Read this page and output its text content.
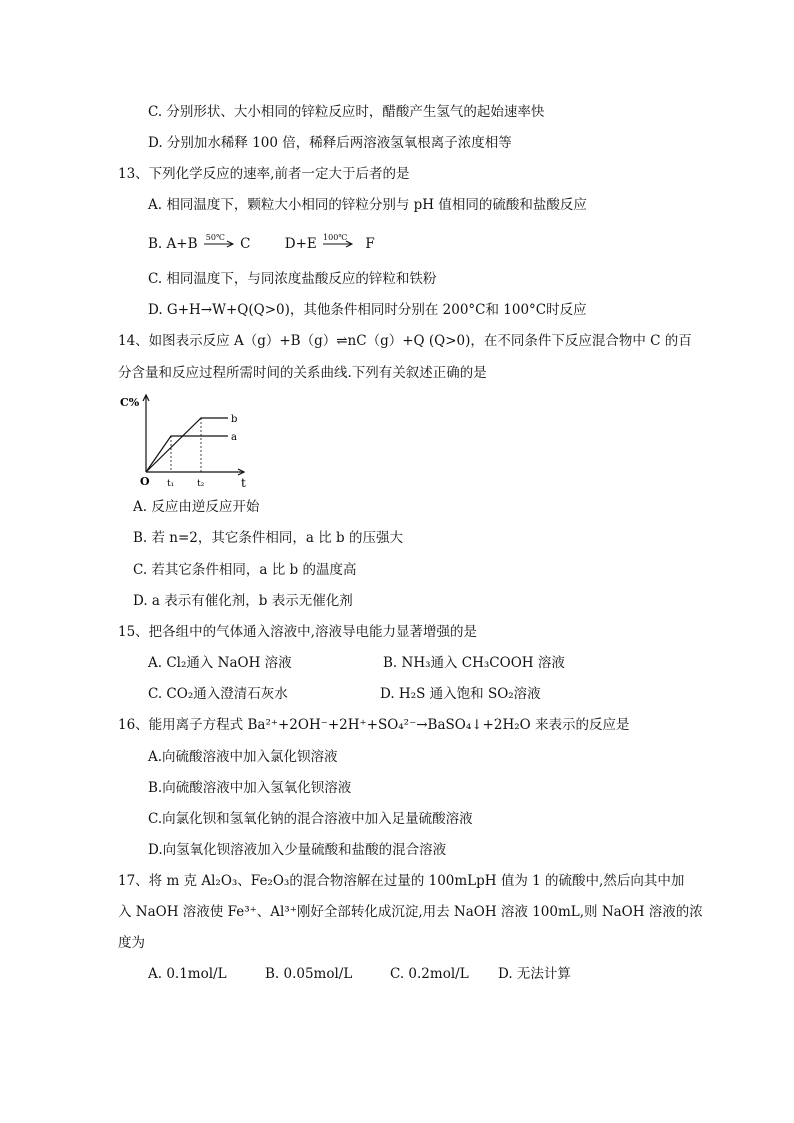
C. 分别形状、大小相同的锌粒反应时，醋酸产生氢气的起始速率快
D. 分别加水稀释 100 倍，稀释后两溶液氢氧根离子浓度相等
13、下列化学反应的速率,前者一定大于后者的是
A. 相同温度下，颗粒大小相同的锌粒分别与 pH 值相同的硫酸和盐酸反应
B. A+B 50℃ C        D+E 100℃ F
C. 相同温度下，与同浓度盐酸反应的锌粒和铁粉
D. G+H→W+Q(Q>0)，其他条件相同时分别在 200°C和 100°C时反应
14、如图表示反应 A（g）+B（g）⇌nC（g）+Q (Q>0)，在不同条件下反应混合物中 C 的百
分含量和反应过程所需时间的关系曲线.下列有关叙述正确的是
C%
O t₁	t₂	t
a
b
A. 反应由逆反应开始
B. 若 n=2，其它条件相同，a 比 b 的压强大
C. 若其它条件相同，a 比 b 的温度高
D. a 表示有催化剂，b 表示无催化剂
15、把各组中的气体通入溶液中,溶液导电能力显著增强的是
A. Cl₂通入 NaOH 溶液	B. NH₃通入 CH₃COOH 溶液
C. CO₂通入澄清石灰水	D. H₂S 通入饱和 SO₂溶液
16、能用离子方程式 Ba²⁺+2OH⁻+2H⁺+SO₄²⁻→BaSO₄↓+2H₂O 来表示的反应是
A.向硫酸溶液中加入氯化钡溶液
B.向硫酸溶液中加入氢氧化钡溶液
C.向氯化钡和氢氧化钠的混合溶液中加入足量硫酸溶液
D.向氢氧化钡溶液加入少量硫酸和盐酸的混合溶液
17、将 m 克 Al₂O₃、Fe₂O₃的混合物溶解在过量的 100mLpH 值为 1 的硫酸中,然后向其中加
入 NaOH 溶液使 Fe³⁺、Al³⁺刚好全部转化成沉淀,用去 NaOH 溶液 100mL,则 NaOH 溶液的浓
度为
A. 0.1mol/L	B. 0.05mol/L	C. 0.2mol/L D. 无法计算
